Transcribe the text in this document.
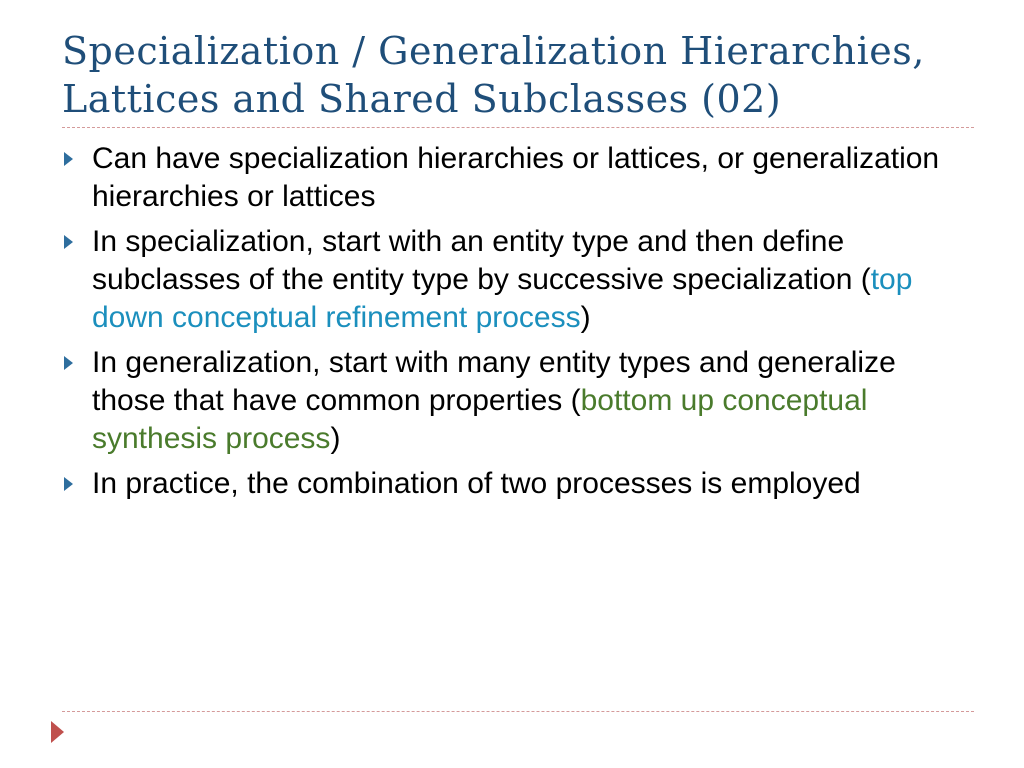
Specialization / Generalization Hierarchies,
Lattices and Shared Subclasses (02)
Can have specialization hierarchies or lattices, or generalization hierarchies or lattices
In specialization, start with an entity type and then define subclasses of the entity type by successive specialization (top down conceptual refinement process)
In generalization, start with many entity types and generalize those that have common properties (bottom up conceptual synthesis process)
In practice, the combination of two processes is employed
